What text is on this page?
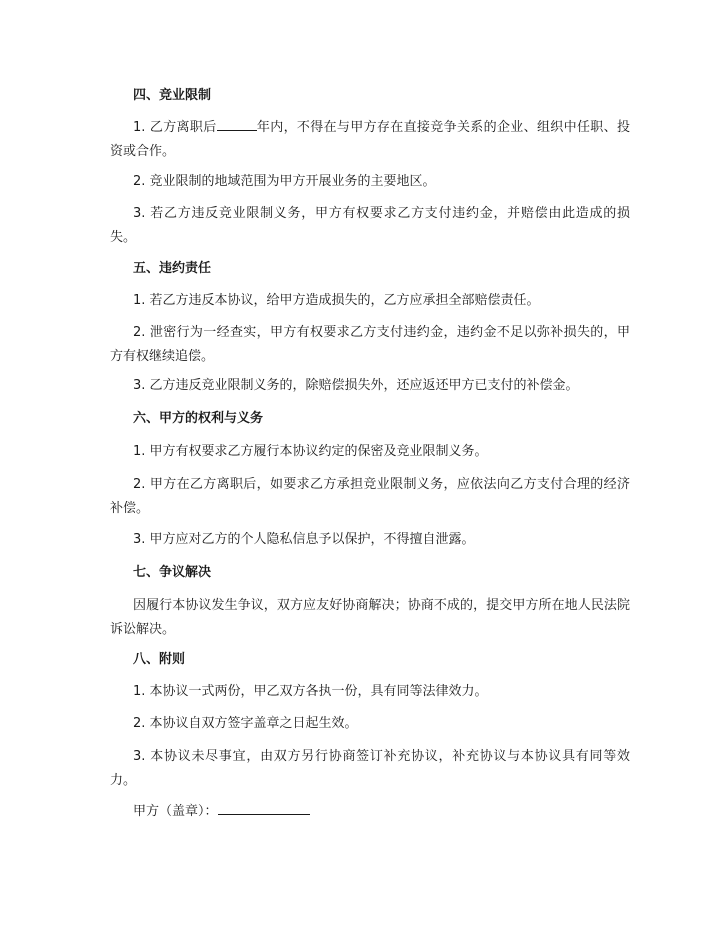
四、竞业限制
1. 乙方离职后	年内，不得在与甲方存在直接竞争关系的企业、组织中任职、投资或合作。
2. 竞业限制的地域范围为甲方开展业务的主要地区。
3. 若乙方违反竞业限制义务，甲方有权要求乙方支付违约金，并赔偿由此造成的损失。
五、违约责任
1. 若乙方违反本协议，给甲方造成损失的，乙方应承担全部赔偿责任。
2. 泄密行为一经查实，甲方有权要求乙方支付违约金，违约金不足以弥补损失的，甲方有权继续追偿。
3. 乙方违反竞业限制义务的，除赔偿损失外，还应返还甲方已支付的补偿金。
六、甲方的权利与义务
1. 甲方有权要求乙方履行本协议约定的保密及竞业限制义务。
2. 甲方在乙方离职后，如要求乙方承担竞业限制义务，应依法向乙方支付合理的经济补偿。
3. 甲方应对乙方的个人隐私信息予以保护，不得擅自泄露。
七、争议解决
因履行本协议发生争议，双方应友好协商解决；协商不成的，提交甲方所在地人民法院诉讼解决。
八、附则
1. 本协议一式两份，甲乙双方各执一份，具有同等法律效力。
2. 本协议自双方签字盖章之日起生效。
3. 本协议未尽事宜，由双方另行协商签订补充协议，补充协议与本协议具有同等效力。
甲方（盖章）：
